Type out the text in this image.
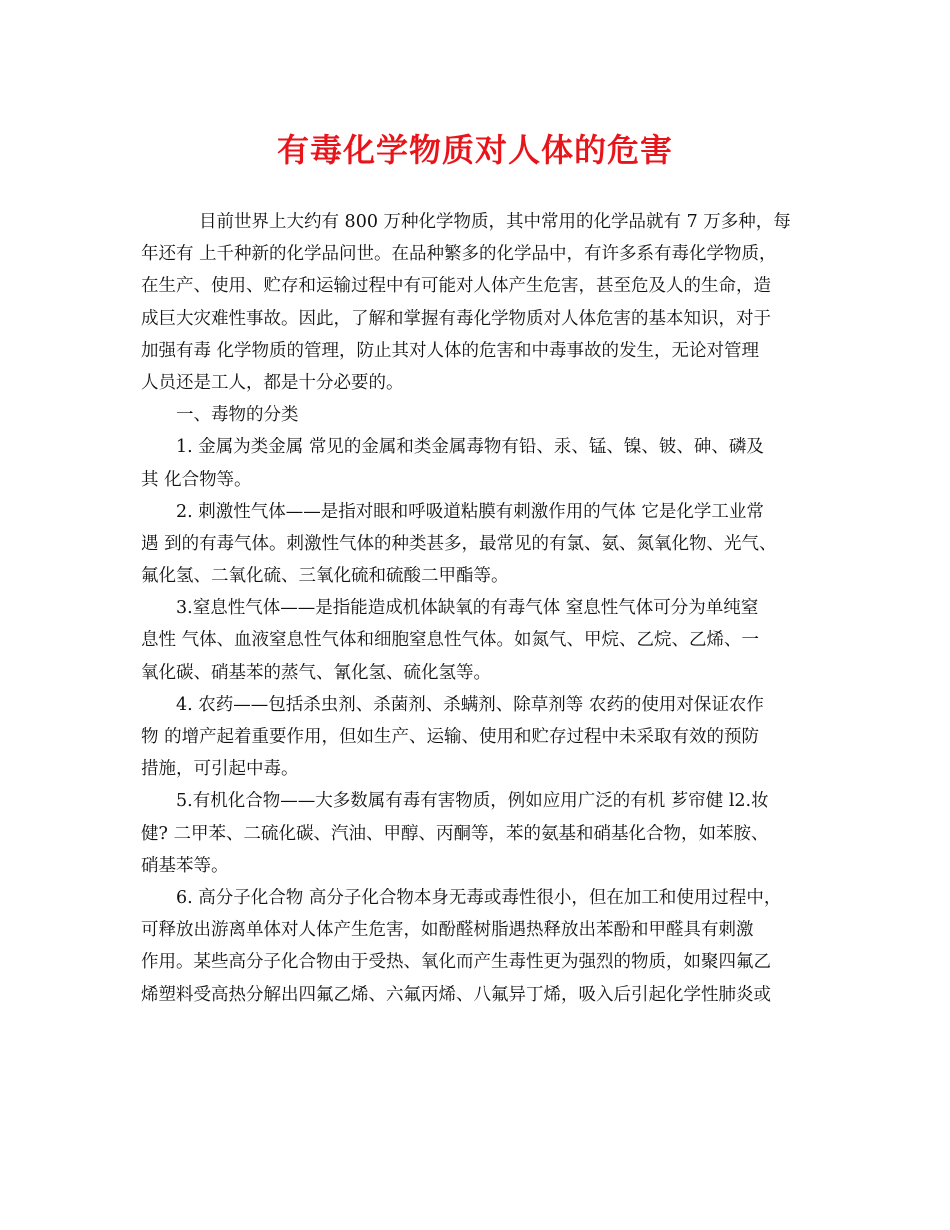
有毒化学物质对人体的危害

目前世界上大约有 800 万种化学物质，其中常用的化学品就有 7 万多种，每
年还有 上千种新的化学品问世。在品种繁多的化学品中，有许多系有毒化学物质，
在生产、使用、贮存和运输过程中有可能对人体产生危害，甚至危及人的生命，造
成巨大灾难性事故。因此，了解和掌握有毒化学物质对人体危害的基本知识，对于
加强有毒 化学物质的管理，防止其对人体的危害和中毒事故的发生，无论对管理
人员还是工人，都是十分必要的。

一、毒物的分类

1. 金属为类金属 常见的金属和类金属毒物有铅、汞、锰、镍、铍、砷、磷及
其 化合物等。

2. 刺激性气体——是指对眼和呼吸道粘膜有刺激作用的气体 它是化学工业常
遇 到的有毒气体。刺激性气体的种类甚多，最常见的有氯、氨、氮氧化物、光气、
氟化氢、二氧化硫、三氧化硫和硫酸二甲酯等。

3.窒息性气体——是指能造成机体缺氧的有毒气体 窒息性气体可分为单纯窒
息性 气体、血液窒息性气体和细胞窒息性气体。如氮气、甲烷、乙烷、乙烯、一
氧化碳、硝基苯的蒸气、氰化氢、硫化氢等。

4. 农药——包括杀虫剂、杀菌剂、杀螨剂、除草剂等 农药的使用对保证农作
物 的增产起着重要作用，但如生产、运输、使用和贮存过程中未采取有效的预防
措施，可引起中毒。

5.有机化合物——大多数属有毒有害物质，例如应用广泛的有机 芗帘健 l2.妆
健? 二甲苯、二硫化碳、汽油、甲醇、丙酮等，苯的氨基和硝基化合物，如苯胺、
硝基苯等。

6. 高分子化合物 高分子化合物本身无毒或毒性很小，但在加工和使用过程中，
可释放出游离单体对人体产生危害，如酚醛树脂遇热释放出苯酚和甲醛具有刺激
作用。某些高分子化合物由于受热、氧化而产生毒性更为强烈的物质，如聚四氟乙
烯塑料受高热分解出四氟乙烯、六氟丙烯、八氟异丁烯，吸入后引起化学性肺炎或
